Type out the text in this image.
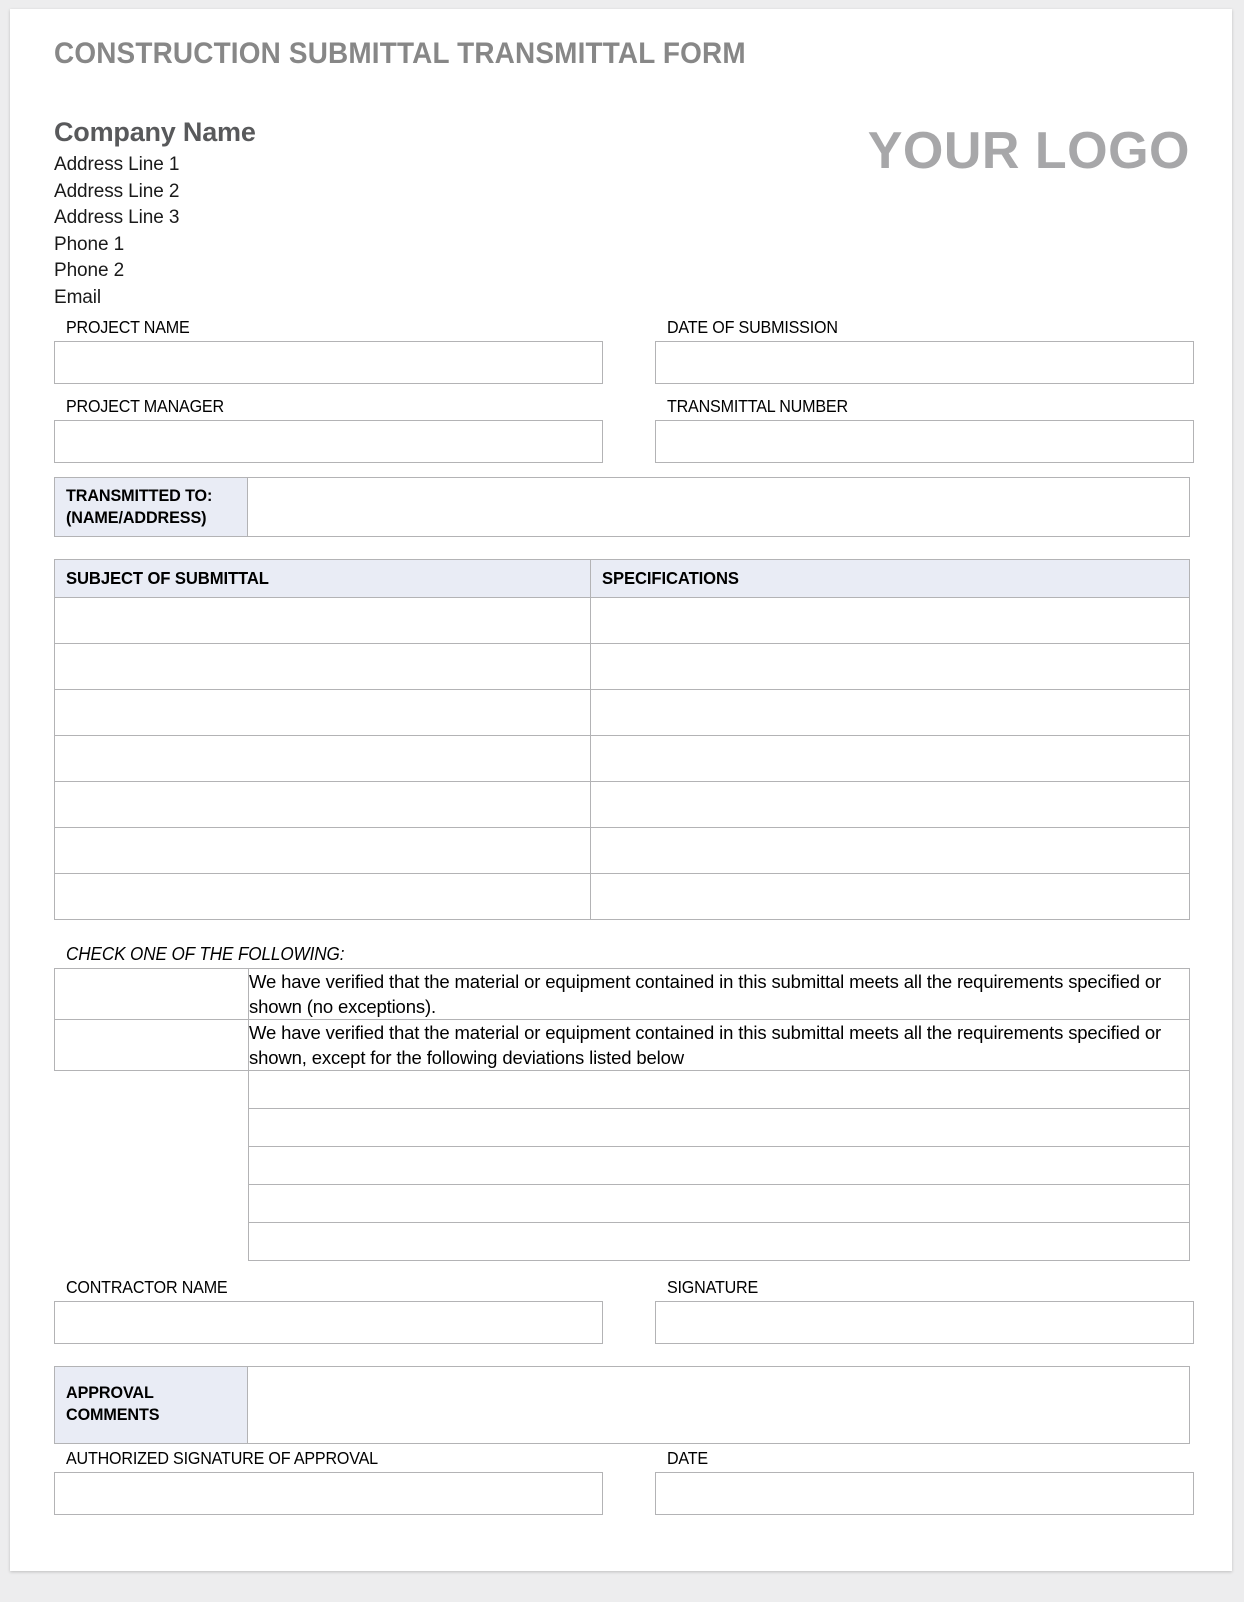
CONSTRUCTION SUBMITTAL TRANSMITTAL FORM
Company Name
Address Line 1
Address Line 2
Address Line 3
Phone 1
Phone 2
Email
YOUR LOGO
PROJECT NAME	DATE OF SUBMISSION
PROJECT MANAGER	TRANSMITTAL NUMBER
TRANSMITTED TO:
(NAME/ADDRESS)
SUBJECT OF SUBMITTAL	SPECIFICATIONS

CHECK ONE OF THE FOLLOWING:
	We have verified that the material or equipment contained in this submittal meets all the requirements specified or shown (no exceptions).
	We have verified that the material or equipment contained in this submittal meets all the requirements specified or shown, except for the following deviations listed below

CONTRACTOR NAME	SIGNATURE
APPROVAL
COMMENTS
AUTHORIZED SIGNATURE OF APPROVAL	DATE
